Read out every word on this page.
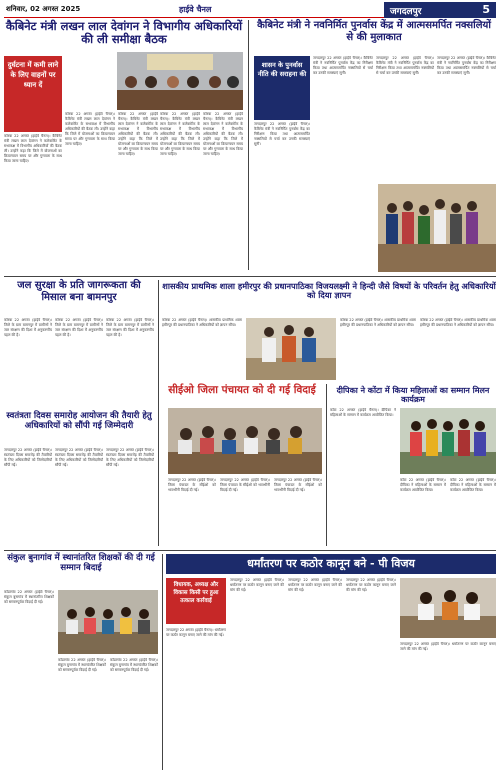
शनिवार, 02 अगस्त 2025	हाईवे चैनल	जगदलपुर	5
कैबिनेट मंत्री लखन लाल देवांगन ने विभागीय अधिकारियों की ली समीक्षा बैठक
दुर्घटना में कमी लाने के लिए वाहनों पर ध्यान दें
कोरबा 22 अगस्त (हाईवे चैनल)। कैबिनेट मंत्री लखन लाल देवांगन ने कलेक्टोरेट के सभाकक्ष में विभागीय अधिकारियों की बैठक ली। उन्होंने कहा कि जिले में योजनाओं का क्रियान्वयन समय पर और गुणवत्ता के साथ किया जाना चाहिए।
कोरबा 22 अगस्त (हाईवे चैनल)। कैबिनेट मंत्री लखन लाल देवांगन ने कलेक्टोरेट के सभाकक्ष में विभागीय अधिकारियों की बैठक ली। उन्होंने कहा कि जिले में योजनाओं का क्रियान्वयन समय पर और गुणवत्ता के साथ किया जाना चाहिए।
कोरबा 22 अगस्त (हाईवे चैनल)। कैबिनेट मंत्री लखन लाल देवांगन ने कलेक्टोरेट के सभाकक्ष में विभागीय अधिकारियों की बैठक ली। उन्होंने कहा कि जिले में योजनाओं का क्रियान्वयन समय पर और गुणवत्ता के साथ किया जाना चाहिए।
कोरबा 22 अगस्त (हाईवे चैनल)। कैबिनेट मंत्री लखन लाल देवांगन ने कलेक्टोरेट के सभाकक्ष में विभागीय अधिकारियों की बैठक ली। उन्होंने कहा कि जिले में योजनाओं का क्रियान्वयन समय पर और गुणवत्ता के साथ किया जाना चाहिए।
कोरबा 22 अगस्त (हाईवे चैनल)। कैबिनेट मंत्री लखन लाल देवांगन ने कलेक्टोरेट के सभाकक्ष में विभागीय अधिकारियों की बैठक ली। उन्होंने कहा कि जिले में योजनाओं का क्रियान्वयन समय पर और गुणवत्ता के साथ किया जाना चाहिए।
कैबिनेट मंत्री ने नवनिर्मित पुनर्वास केंद्र में आत्मसमर्पित नक्सलियों से की मुलाकात
शासन के पुनर्वास नीति की सराहना की
जगदलपुर 22 अगस्त (हाईवे चैनल)। कैबिनेट मंत्री ने नवनिर्मित पुनर्वास केंद्र का निरीक्षण किया तथा आत्मसमर्पित नक्सलियों से चर्चा कर उनकी समस्याएं सुनीं।
जगदलपुर 22 अगस्त (हाईवे चैनल)। कैबिनेट मंत्री ने नवनिर्मित पुनर्वास केंद्र का निरीक्षण किया तथा आत्मसमर्पित नक्सलियों से चर्चा कर उनकी समस्याएं सुनीं।
जगदलपुर 22 अगस्त (हाईवे चैनल)। कैबिनेट मंत्री ने नवनिर्मित पुनर्वास केंद्र का निरीक्षण किया तथा आत्मसमर्पित नक्सलियों से चर्चा कर उनकी समस्याएं सुनीं।
जगदलपुर 22 अगस्त (हाईवे चैनल)। कैबिनेट मंत्री ने नवनिर्मित पुनर्वास केंद्र का निरीक्षण किया तथा आत्मसमर्पित नक्सलियों से चर्चा कर उनकी समस्याएं सुनीं।
जल सुरक्षा के प्रति जागरूकता की मिसाल बना बामनपुर
कोरबा 22 अगस्त (हाईवे चैनल)। जिले के ग्राम बामनपुर में ग्रामीणों ने जल संरक्षण की दिशा में अनुकरणीय पहल की है।
कोरबा 22 अगस्त (हाईवे चैनल)। जिले के ग्राम बामनपुर में ग्रामीणों ने जल संरक्षण की दिशा में अनुकरणीय पहल की है।
कोरबा 22 अगस्त (हाईवे चैनल)। जिले के ग्राम बामनपुर में ग्रामीणों ने जल संरक्षण की दिशा में अनुकरणीय पहल की है।
शासकीय प्राथमिक शाला हमीरपुर की प्रधानपाठिका विजयलक्ष्मी ने हिन्दी जैसे विषयों के परिवर्तन हेतु अधिकारियों को दिया ज्ञापन
कोरबा 22 अगस्त (हाईवे चैनल)। शासकीय प्राथमिक शाला हमीरपुर की प्रधानपाठिका ने अधिकारियों को ज्ञापन सौंपा।
कोरबा 22 अगस्त (हाईवे चैनल)। शासकीय प्राथमिक शाला हमीरपुर की प्रधानपाठिका ने अधिकारियों को ज्ञापन सौंपा।
कोरबा 22 अगस्त (हाईवे चैनल)। शासकीय प्राथमिक शाला हमीरपुर की प्रधानपाठिका ने अधिकारियों को ज्ञापन सौंपा।
स्वतंत्रता दिवस समारोह आयोजन की तैयारी हेतु अधिकारियों को सौंपी गई जिम्मेदारी
जगदलपुर 22 अगस्त (हाईवे चैनल)। स्वतंत्रता दिवस समारोह की तैयारियों के लिए अधिकारियों को जिम्मेदारियाँ सौंपी गईं।
जगदलपुर 22 अगस्त (हाईवे चैनल)। स्वतंत्रता दिवस समारोह की तैयारियों के लिए अधिकारियों को जिम्मेदारियाँ सौंपी गईं।
जगदलपुर 22 अगस्त (हाईवे चैनल)। स्वतंत्रता दिवस समारोह की तैयारियों के लिए अधिकारियों को जिम्मेदारियाँ सौंपी गईं।
सीईओ जिला पंचायत को दी गई विदाई
जगदलपुर 22 अगस्त (हाईवे चैनल)। जिला पंचायत के सीईओ को भावभीनी विदाई दी गई।
जगदलपुर 22 अगस्त (हाईवे चैनल)। जिला पंचायत के सीईओ को भावभीनी विदाई दी गई।
जगदलपुर 22 अगस्त (हाईवे चैनल)। जिला पंचायत के सीईओ को भावभीनी विदाई दी गई।
दीपिका ने कोंटा में किया महिलाओं का सम्मान मिलन कार्यक्रम
कोंटा 22 अगस्त (हाईवे चैनल)। दीपिका ने महिलाओं के सम्मान में कार्यक्रम आयोजित किया।
कोंटा 22 अगस्त (हाईवे चैनल)। दीपिका ने महिलाओं के सम्मान में कार्यक्रम आयोजित किया।
कोंटा 22 अगस्त (हाईवे चैनल)। दीपिका ने महिलाओं के सम्मान में कार्यक्रम आयोजित किया।
संकुल बुनागांव में स्थानांतरित शिक्षकों की दी गई सम्मान बिदाई
कोंडागांव 22 अगस्त (हाईवे चैनल)। संकुल बुनागांव में स्थानांतरित शिक्षकों को सम्मानपूर्वक विदाई दी गई।
कोंडागांव 22 अगस्त (हाईवे चैनल)। संकुल बुनागांव में स्थानांतरित शिक्षकों को सम्मानपूर्वक विदाई दी गई।
कोंडागांव 22 अगस्त (हाईवे चैनल)। संकुल बुनागांव में स्थानांतरित शिक्षकों को सम्मानपूर्वक विदाई दी गई।
धर्मांतरण पर कठोर कानून बने - पी विजय
विधायक, अध्यक्ष और विकास किसी पर हुआ तत्काल कार्रवाई
जगदलपुर 22 अगस्त (हाईवे चैनल)। धर्मांतरण पर कठोर कानून बनाए जाने की मांग की गई।
जगदलपुर 22 अगस्त (हाईवे चैनल)। धर्मांतरण पर कठोर कानून बनाए जाने की मांग की गई।
जगदलपुर 22 अगस्त (हाईवे चैनल)। धर्मांतरण पर कठोर कानून बनाए जाने की मांग की गई।
जगदलपुर 22 अगस्त (हाईवे चैनल)। धर्मांतरण पर कठोर कानून बनाए जाने की मांग की गई।
जगदलपुर 22 अगस्त (हाईवे चैनल)। धर्मांतरण पर कठोर कानून बनाए जाने की मांग की गई।
